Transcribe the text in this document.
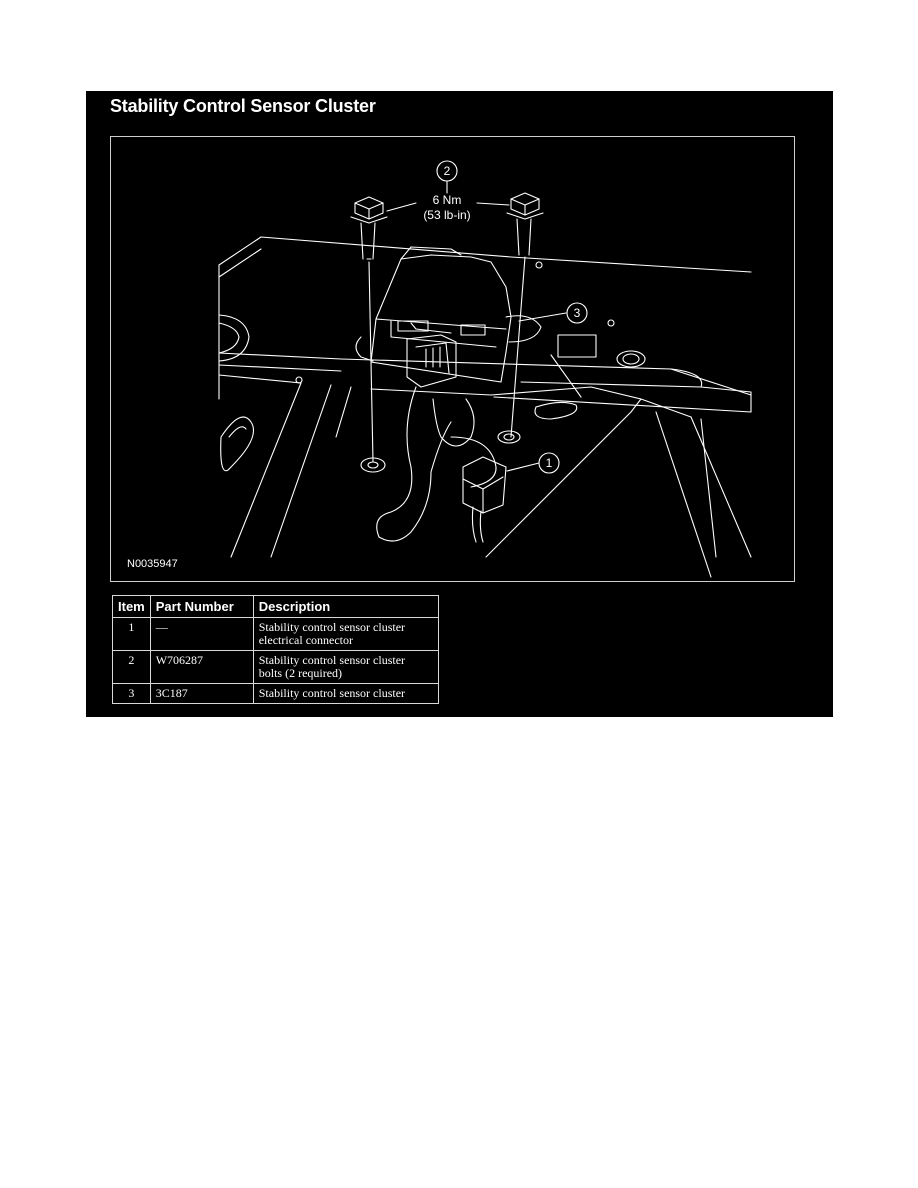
Stability Control Sensor Cluster
2
6 Nm
(53 lb-in)
3
1
N0035947
Item	Part Number	Description
1	—	Stability control sensor cluster
electrical connector

2	W706287	Stability control sensor cluster
bolts (2 required)

3	3C187	Stability control sensor cluster
